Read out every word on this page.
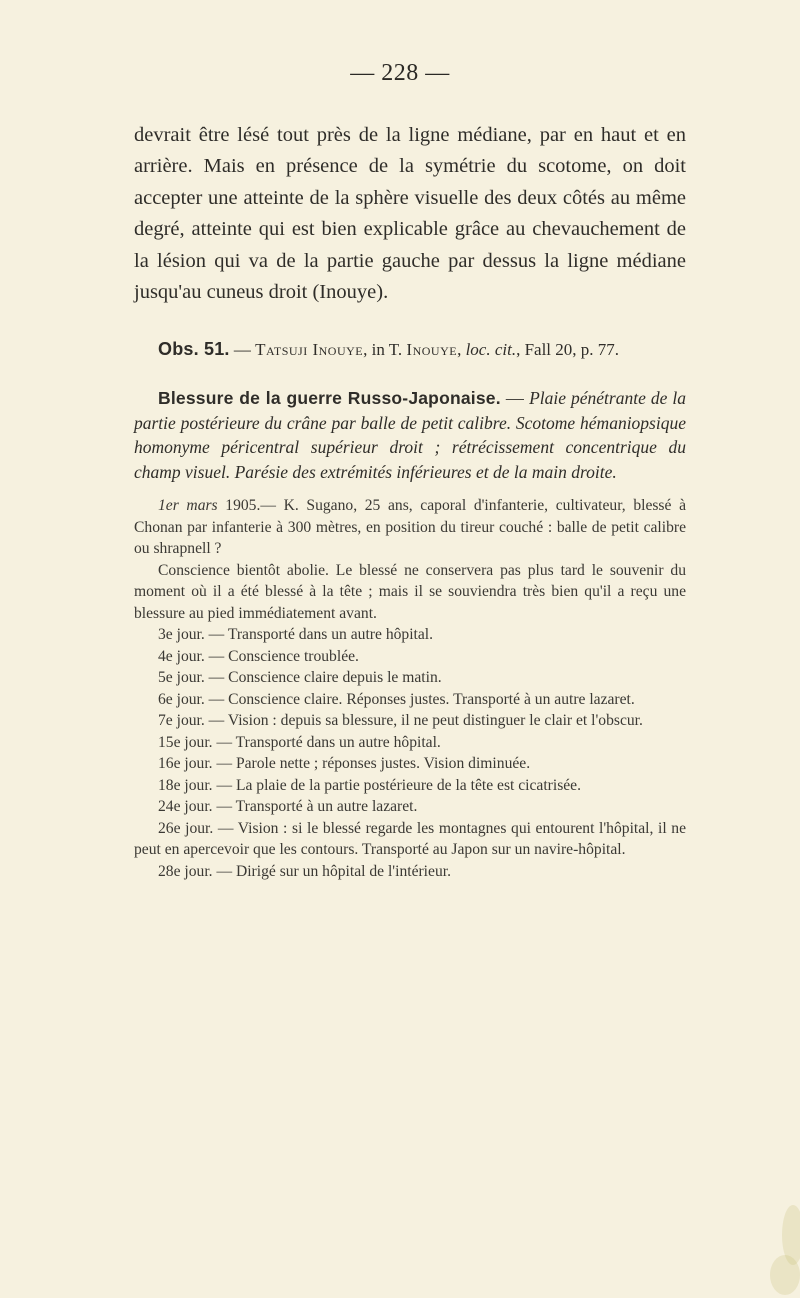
— 228 —
devrait être lésé tout près de la ligne médiane, par en haut et en arrière. Mais en présence de la symétrie du scotome, on doit accepter une atteinte de la sphère visuelle des deux côtés au même degré, atteinte qui est bien explicable grâce au chevauchement de la lésion qui va de la partie gauche par dessus la ligne médiane jusqu'au cuneus droit (Inouye).
Obs. 51. — Tatsuji Inouye, in T. Inouye, loc. cit., Fall 20, p. 77.
Blessure de la guerre Russo-Japonaise. — Plaie pénétrante de la partie postérieure du crâne par balle de petit calibre. Scotome hémaniopsique homonyme péricentral supérieur droit ; rétrécissement concentrique du champ visuel. Parésie des extrémités inférieures et de la main droite.

1er mars 1905.— K. Sugano, 25 ans, caporal d'infanterie, cultivateur, blessé à Chonan par infanterie à 300 mètres, en position du tireur couché : balle de petit calibre ou shrapnell ?

Conscience bientôt abolie. Le blessé ne conservera pas plus tard le souvenir du moment où il a été blessé à la tête ; mais il se souviendra très bien qu'il a reçu une blessure au pied immédiatement avant.

3e jour. — Transporté dans un autre hôpital.

4e jour. — Conscience troublée.

5e jour. — Conscience claire depuis le matin.

6e jour. — Conscience claire. Réponses justes. Transporté à un autre lazaret.

7e jour. — Vision : depuis sa blessure, il ne peut distinguer le clair et l'obscur.

15e jour. — Transporté dans un autre hôpital.

16e jour. — Parole nette ; réponses justes. Vision diminuée.

18e jour. — La plaie de la partie postérieure de la tête est cicatrisée.

24e jour. — Transporté à un autre lazaret.

26e jour. — Vision : si le blessé regarde les montagnes qui entourent l'hôpital, il ne peut en apercevoir que les contours. Transporté au Japon sur un navire-hôpital.

28e jour. — Dirigé sur un hôpital de l'intérieur.
